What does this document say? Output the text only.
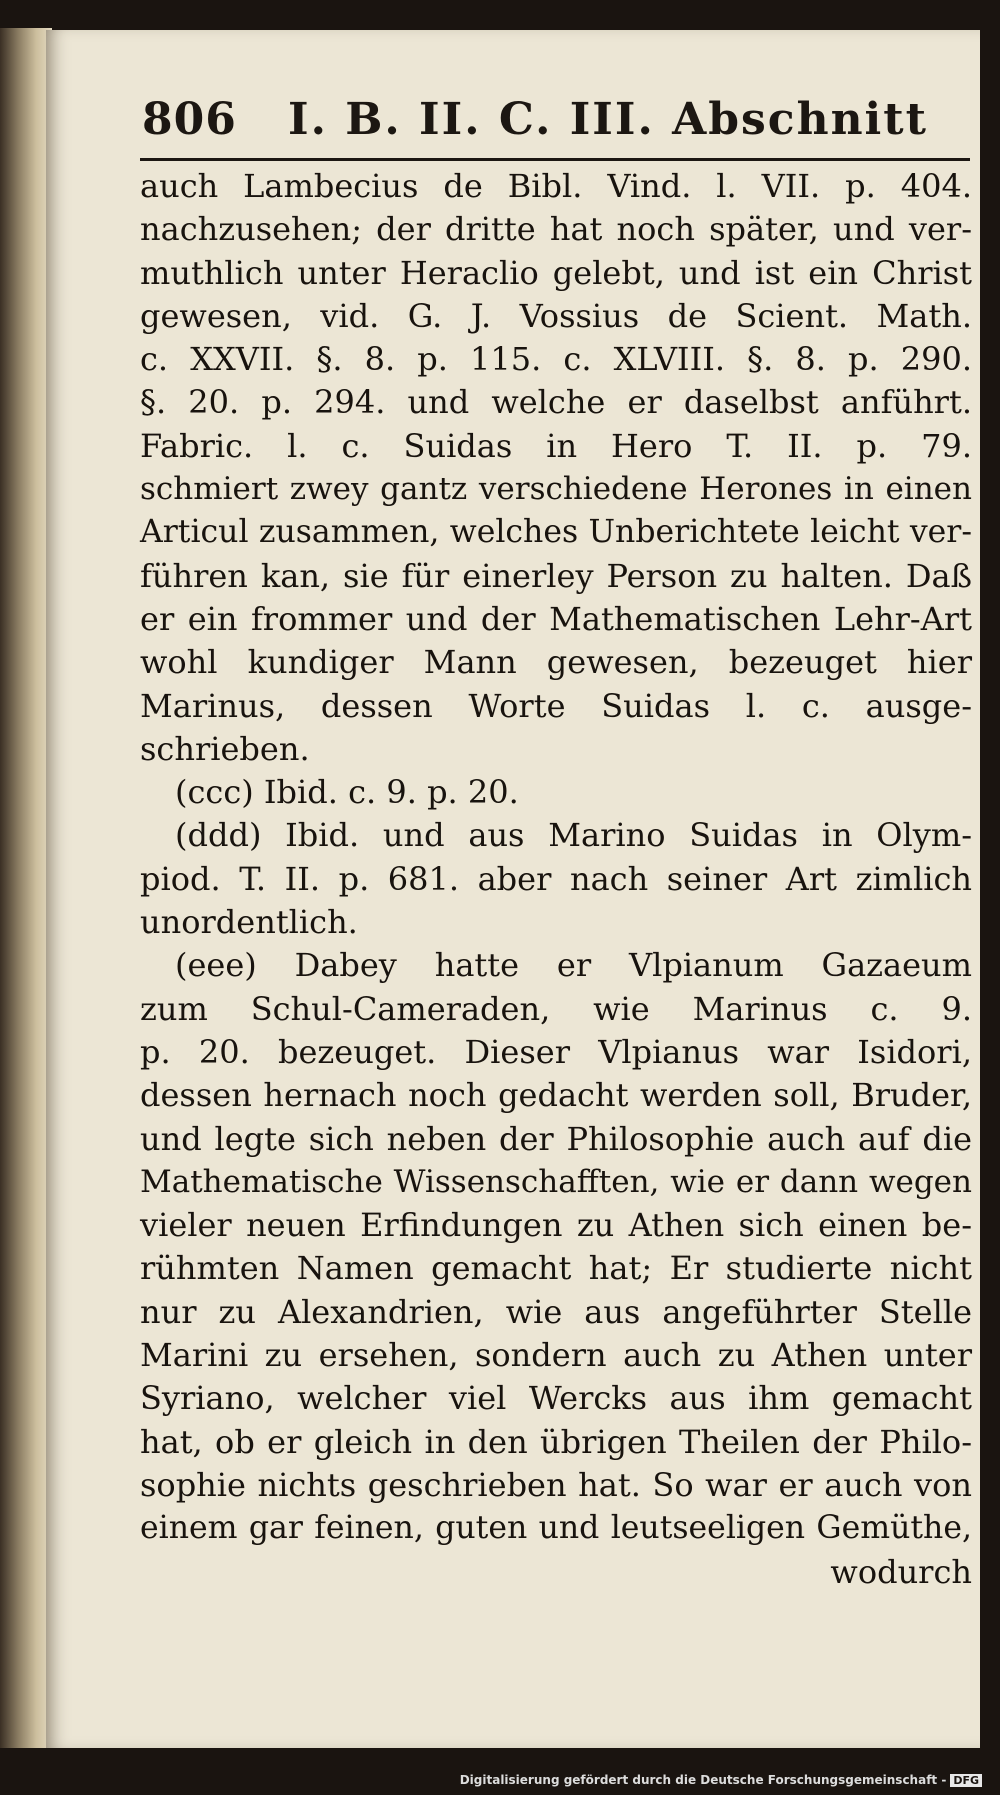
806 I. B. II. C. III. Abschnitt
auch Lambecius de Bibl. Vind. l. VII. p. 404.
nachzusehen; der dritte hat noch später, und ver-
muthlich unter Heraclio gelebt, und ist ein Christ
gewesen, vid. G. J. Vossius de Scient. Math.
c. XXVII. §. 8. p. 115. c. XLVIII. §. 8. p. 290.
§. 20. p. 294. und welche er daselbst anführt.
Fabric. l. c. Suidas in Hero T. II. p. 79.
schmiert zwey gantz verschiedene Herones in einen
Articul zusammen, welches Unberichtete leicht ver-
führen kan, sie für einerley Person zu halten. Daß
er ein frommer und der Mathematischen Lehr-Art
wohl kundiger Mann gewesen, bezeuget hier
Marinus, dessen Worte Suidas l. c. ausge-
schrieben.
(ccc) Ibid. c. 9. p. 20.
(ddd) Ibid. und aus Marino Suidas in Olym-
piod. T. II. p. 681. aber nach seiner Art zimlich
unordentlich.
(eee) Dabey hatte er Vlpianum Gazaeum
zum Schul-Cameraden, wie Marinus c. 9.
p. 20. bezeuget. Dieser Vlpianus war Isidori,
dessen hernach noch gedacht werden soll, Bruder,
und legte sich neben der Philosophie auch auf die
Mathematische Wissenschafften, wie er dann wegen
vieler neuen Erfindungen zu Athen sich einen be-
rühmten Namen gemacht hat; Er studierte nicht
nur zu Alexandrien, wie aus angeführter Stelle
Marini zu ersehen, sondern auch zu Athen unter
Syriano, welcher viel Wercks aus ihm gemacht
hat, ob er gleich in den übrigen Theilen der Philo-
sophie nichts geschrieben hat. So war er auch von
einem gar feinen, guten und leutseeligen Gemüthe,
wodurch
Digitalisierung gefördert durch die Deutsche Forschungsgemeinschaft - DFG
